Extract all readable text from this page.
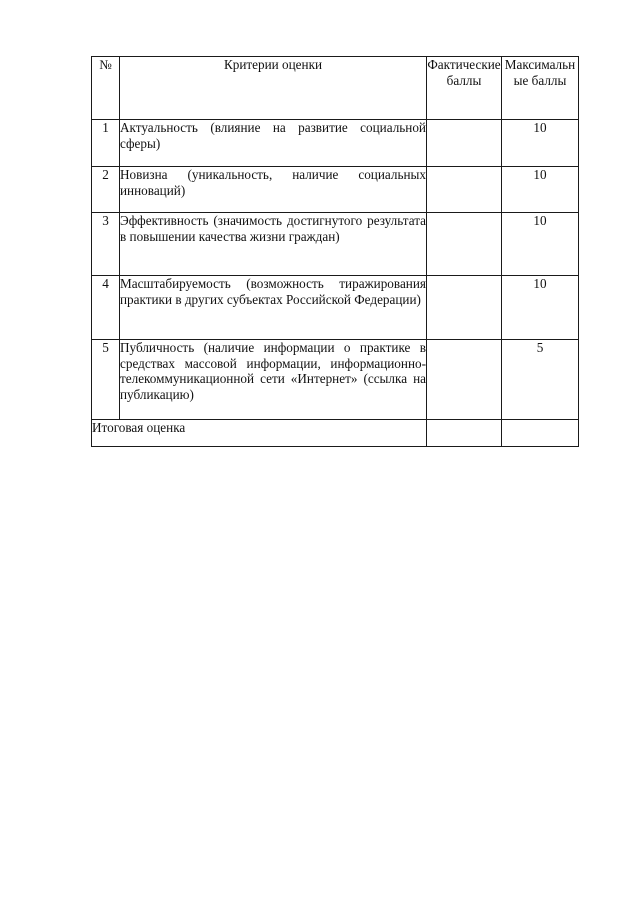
№	Критерии оценки	Фактические баллы	Максимальные баллы
1	Актуальность (влияние на развитие социальной сферы)		10
2	Новизна (уникальность, наличие социальных инноваций)		10
3	Эффективность (значимость достигнутого результата в повышении качества жизни граждан)		10
4	Масштабируемость (возможность тиражирования практики в других субъектах Российской Федерации)		10
5	Публичность (наличие информации о практике в средствах массовой информации, информационно-телекоммуникационной сети «Интернет» (ссылка на публикацию)		5
Итоговая оценка			
